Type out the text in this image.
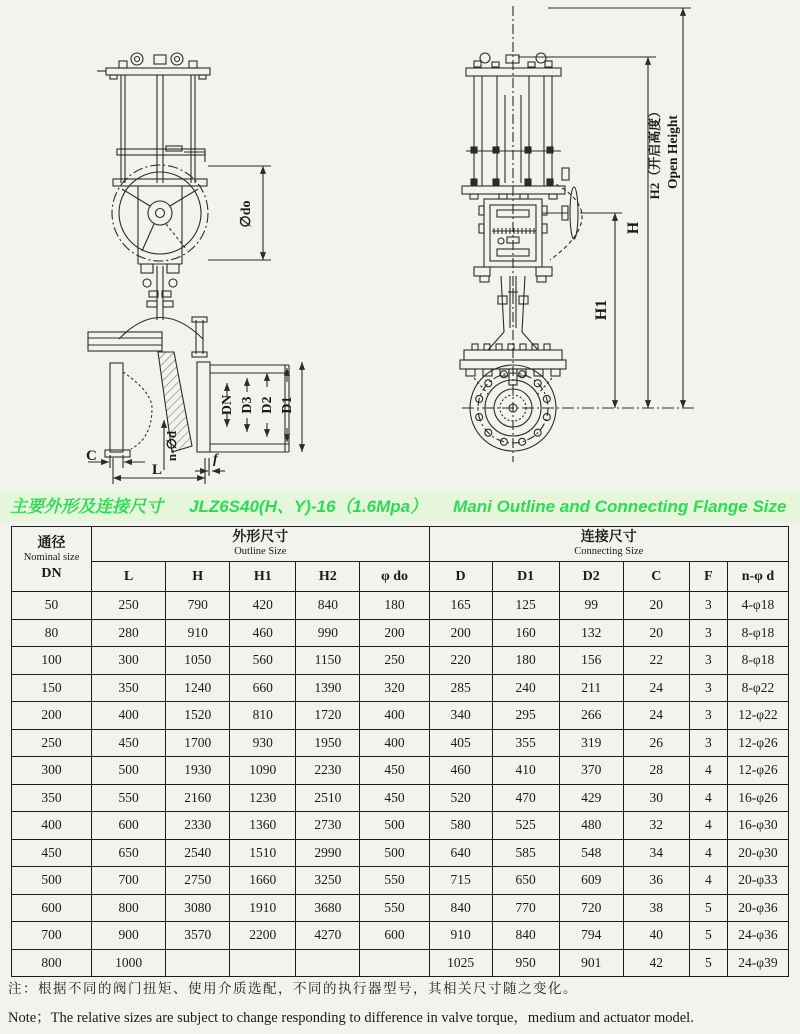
∅do
DN D3 D2 D1
C
L
n-∅d f
H1
H
H2（开启高度） Open Height
主要外形及连接尺寸 JLZ6S40(H、Y)-16（1.6Mpa） Mani Outline and Connecting Flange Size
通径
Nominal size
DN

外形尺寸
Outline Size

连接尺寸
Connecting Size

	L	H	H1	H2	φ do	D	D1	D2	C	F	n-φ d
50	250	790	420	840	180	165	125	99	20	3	4-φ18
80	280	910	460	990	200	200	160	132	20	3	8-φ18
100	300	1050	560	1150	250	220	180	156	22	3	8-φ18
150	350	1240	660	1390	320	285	240	211	24	3	8-φ22
200	400	1520	810	1720	400	340	295	266	24	3	12-φ22
250	450	1700	930	1950	400	405	355	319	26	3	12-φ26
300	500	1930	1090	2230	450	460	410	370	28	4	12-φ26
350	550	2160	1230	2510	450	520	470	429	30	4	16-φ26
400	600	2330	1360	2730	500	580	525	480	32	4	16-φ30
450	650	2540	1510	2990	500	640	585	548	34	4	20-φ30
500	700	2750	1660	3250	550	715	650	609	36	4	20-φ33
600	800	3080	1910	3680	550	840	770	720	38	5	20-φ36
700	900	3570	2200	4270	600	910	840	794	40	5	24-φ36
800	1000					1025	950	901	42	5	24-φ39
注：根据不同的阀门扭矩、使用介质选配，不同的执行器型号，其相关尺寸随之变化。
Note；The relative sizes are subject to change responding to difference in valve torque，medium and actuator model.
